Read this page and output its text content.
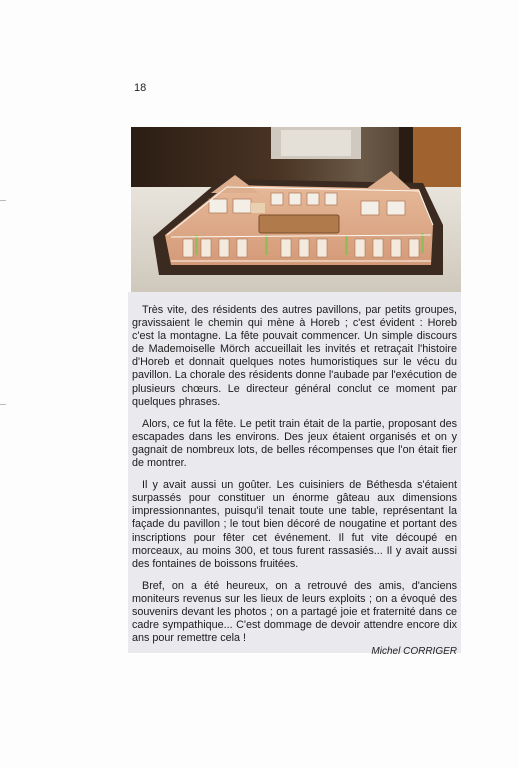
18

Très vite, des résidents des autres pavillons, par petits groupes, gravissaient le chemin qui mène à Horeb ; c'est évident : Horeb c'est la montagne. La fête pouvait commencer. Un simple discours de Mademoiselle Mörch accueillait les invités et retraçait l'histoire d'Horeb et donnait quelques notes humoristiques sur le vécu du pavillon. La chorale des résidents donne l'aubade par l'exécution de plusieurs chœurs. Le directeur général conclut ce moment par quelques phrases.

Alors, ce fut la fête. Le petit train était de la partie, proposant des escapades dans les environs. Des jeux étaient organisés et on y gagnait de nombreux lots, de belles récompenses que l'on était fier de montrer.

Il y avait aussi un goûter. Les cuisiniers de Béthesda s'étaient surpassés pour constituer un énorme gâteau aux dimensions impressionnantes, puisqu'il tenait toute une table, représentant la façade du pavillon ; le tout bien décoré de nougatine et portant des inscriptions pour fêter cet événement. Il fut vite découpé en morceaux, au moins 300, et tous furent rassasiés... Il y avait aussi des fontaines de boissons fruitées.

Bref, on a été heureux, on a retrouvé des amis, d'anciens moniteurs revenus sur les lieux de leurs exploits ; on a évoqué des souvenirs devant les photos ; on a partagé joie et fraternité dans ce cadre sympathique... C'est dommage de devoir attendre encore dix ans pour remettre cela !

Michel CORRIGER
